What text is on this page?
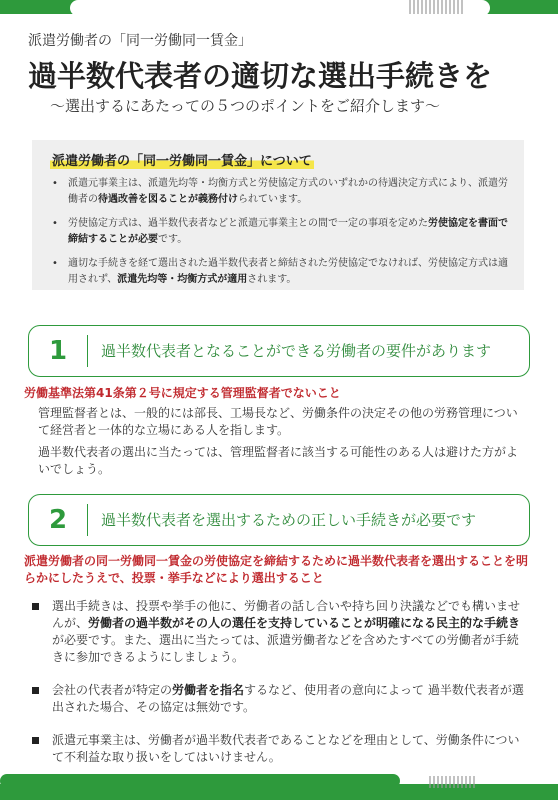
派遣労働者の「同一労働同一賃金」
過半数代表者の適切な選出手続きを
～選出するにあたっての５つのポイントをご紹介します～
派遣労働者の「同一労働同一賃金」について
• 派遣元事業主は、派遣先均等・均衡方式と労使協定方式のいずれかの待遇決定方式により、派遣労働者の待遇改善を図ることが義務付けられています。
• 労使協定方式は、過半数代表者などと派遣元事業主との間で一定の事項を定めた労使協定を書面で締結することが必要です。
• 適切な手続きを経て選出された過半数代表者と締結された労使協定でなければ、労使協定方式は適用されず、派遣先均等・均衡方式が適用されます。
1	過半数代表者となることができる労働者の要件があります
労働基準法第41条第２号に規定する管理監督者でないこと
管理監督者とは、一般的には部長、工場長など、労働条件の決定その他の労務管理について経営者と一体的な立場にある人を指します。
過半数代表者の選出に当たっては、管理監督者に該当する可能性のある人は避けた方がよいでしょう。
2	過半数代表者を選出するための正しい手続きが必要です
派遣労働者の同一労働同一賃金の労使協定を締結するために過半数代表者を選出することを明らかにしたうえで、投票・挙手などにより選出すること
選出手続きは、投票や挙手の他に、労働者の話し合いや持ち回り決議などでも構いませんが、労働者の過半数がその人の選任を支持していることが明確になる民主的な手続きが必要です。また、選出に当たっては、派遣労働者などを含めたすべての労働者が手続きに参加できるようにしましょう。
会社の代表者が特定の労働者を指名するなど、使用者の意向によって 過半数代表者が選出された場合、その協定は無効です。
派遣元事業主は、労働者が過半数代表者であることなどを理由として、労働条件について不利益な取り扱いをしてはいけません。
